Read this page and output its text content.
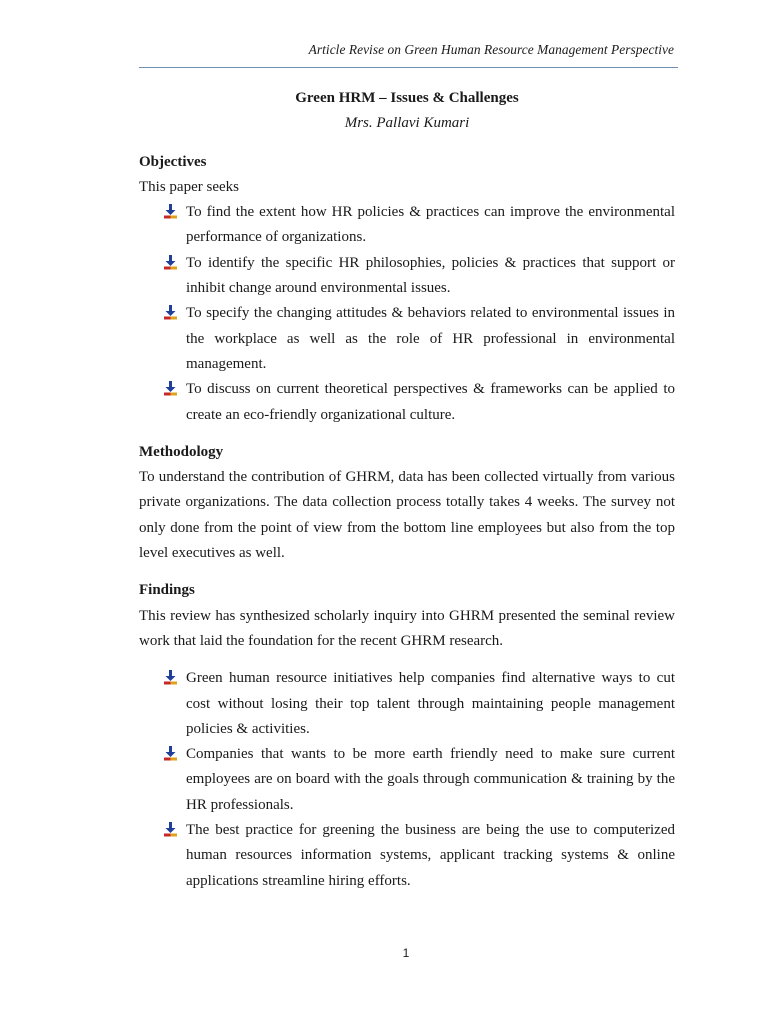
Article Revise on Green Human Resource Management Perspective

Green HRM – Issues & Challenges

Mrs. Pallavi Kumari

Objectives

This paper seeks

To find the extent how HR policies & practices can improve the environmental performance of organizations.
To identify the specific HR philosophies, policies & practices that support or inhibit change around environmental issues.
To specify the changing attitudes & behaviors related to environmental issues in the workplace as well as the role of HR professional in environmental management.
To discuss on current theoretical perspectives & frameworks can be applied to create an eco-friendly organizational culture.

Methodology

To understand the contribution of GHRM, data has been collected virtually from various private organizations. The data collection process totally takes 4 weeks. The survey not only done from the point of view from the bottom line employees but also from the top level executives as well.

Findings

This review has synthesized scholarly inquiry into GHRM presented the seminal review work that laid the foundation for the recent GHRM research.

Green human resource initiatives help companies find alternative ways to cut cost without losing their top talent through maintaining people management policies & activities.
Companies that wants to be more earth friendly need to make sure current employees are on board with the goals through communication & training by the HR professionals.
The best practice for greening the business are being the use to computerized human resources information systems, applicant tracking systems & online applications streamline hiring efforts.
1
